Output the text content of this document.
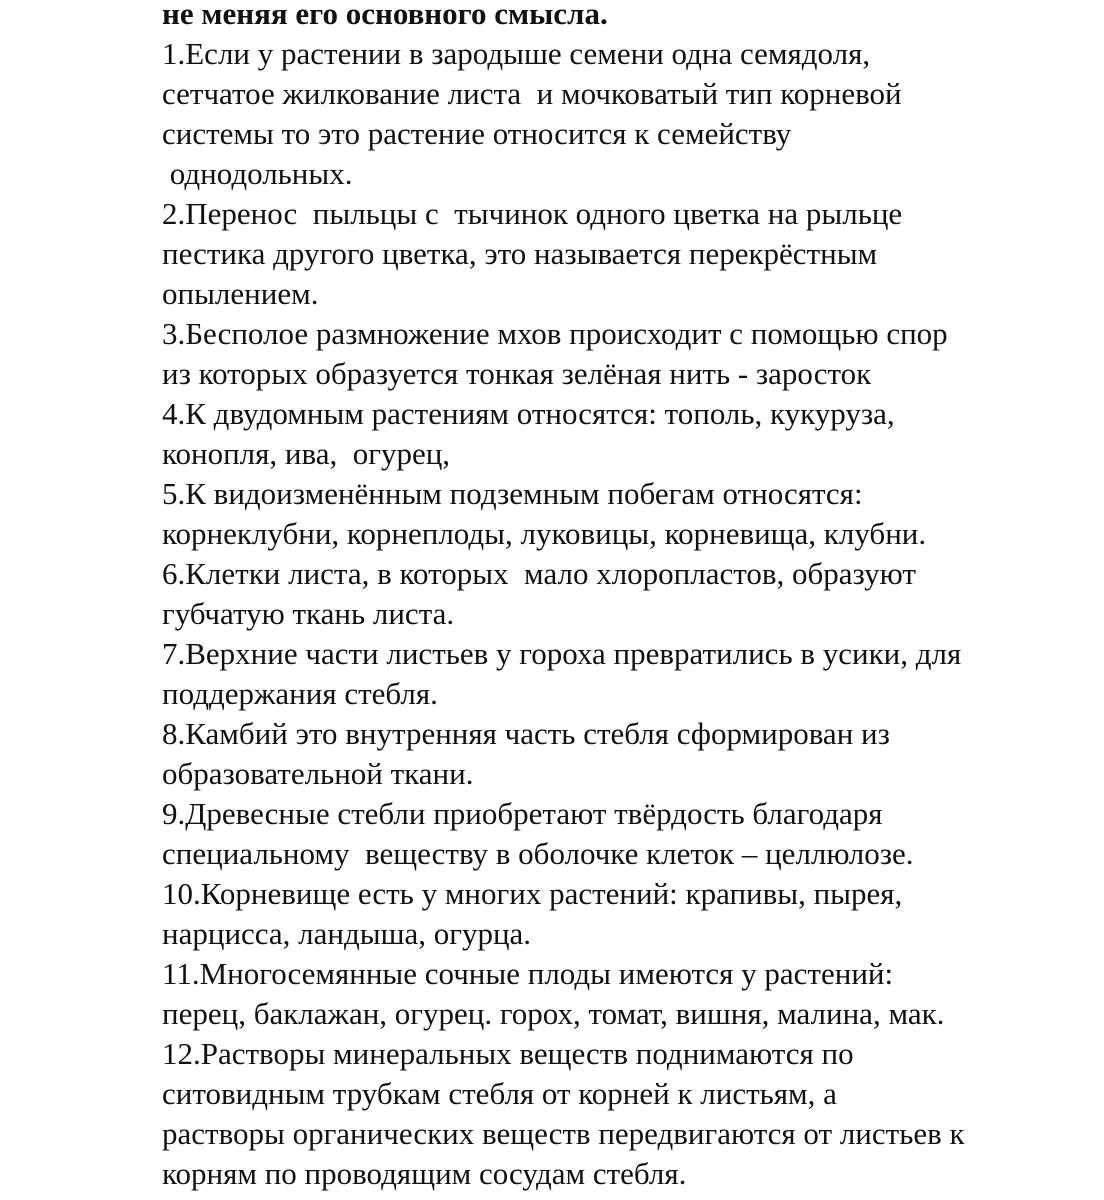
не меняя его основного смысла.
1.Если у растении в зародыше семени одна семядоля,
сетчатое жилкование листа  и мочковатый тип корневой
системы то это растение относится к семейству
однодольных.
2.Перенос  пыльцы с  тычинок одного цветка на рыльце
пестика другого цветка, это называется перекрёстным
опылением.
3.Бесполое размножение мхов происходит с помощью спор
из которых образуется тонкая зелёная нить - заросток
4.К двудомным растениям относятся: тополь, кукуруза,
конопля, ива,  огурец,
5.К видоизменённым подземным побегам относятся:
корнеклубни, корнеплоды, луковицы, корневища, клубни.
6.Клетки листа, в которых  мало хлоропластов, образуют
губчатую ткань листа.
7.Верхние части листьев у гороха превратились в усики, для
поддержания стебля.
8.Камбий это внутренняя часть стебля сформирован из
образовательной ткани.
9.Древесные стебли приобретают твёрдость благодаря
специальному  веществу в оболочке клеток – целлюлозе.
10.Корневище есть у многих растений: крапивы, пырея,
нарцисса, ландыша, огурца.
11.Многосемянные сочные плоды имеются у растений:
перец, баклажан, огурец. горох, томат, вишня, малина, мак.
12.Растворы минеральных веществ поднимаются по
ситовидным трубкам стебля от корней к листьям, а
растворы органических веществ передвигаются от листьев к
корням по проводящим сосудам стебля.
